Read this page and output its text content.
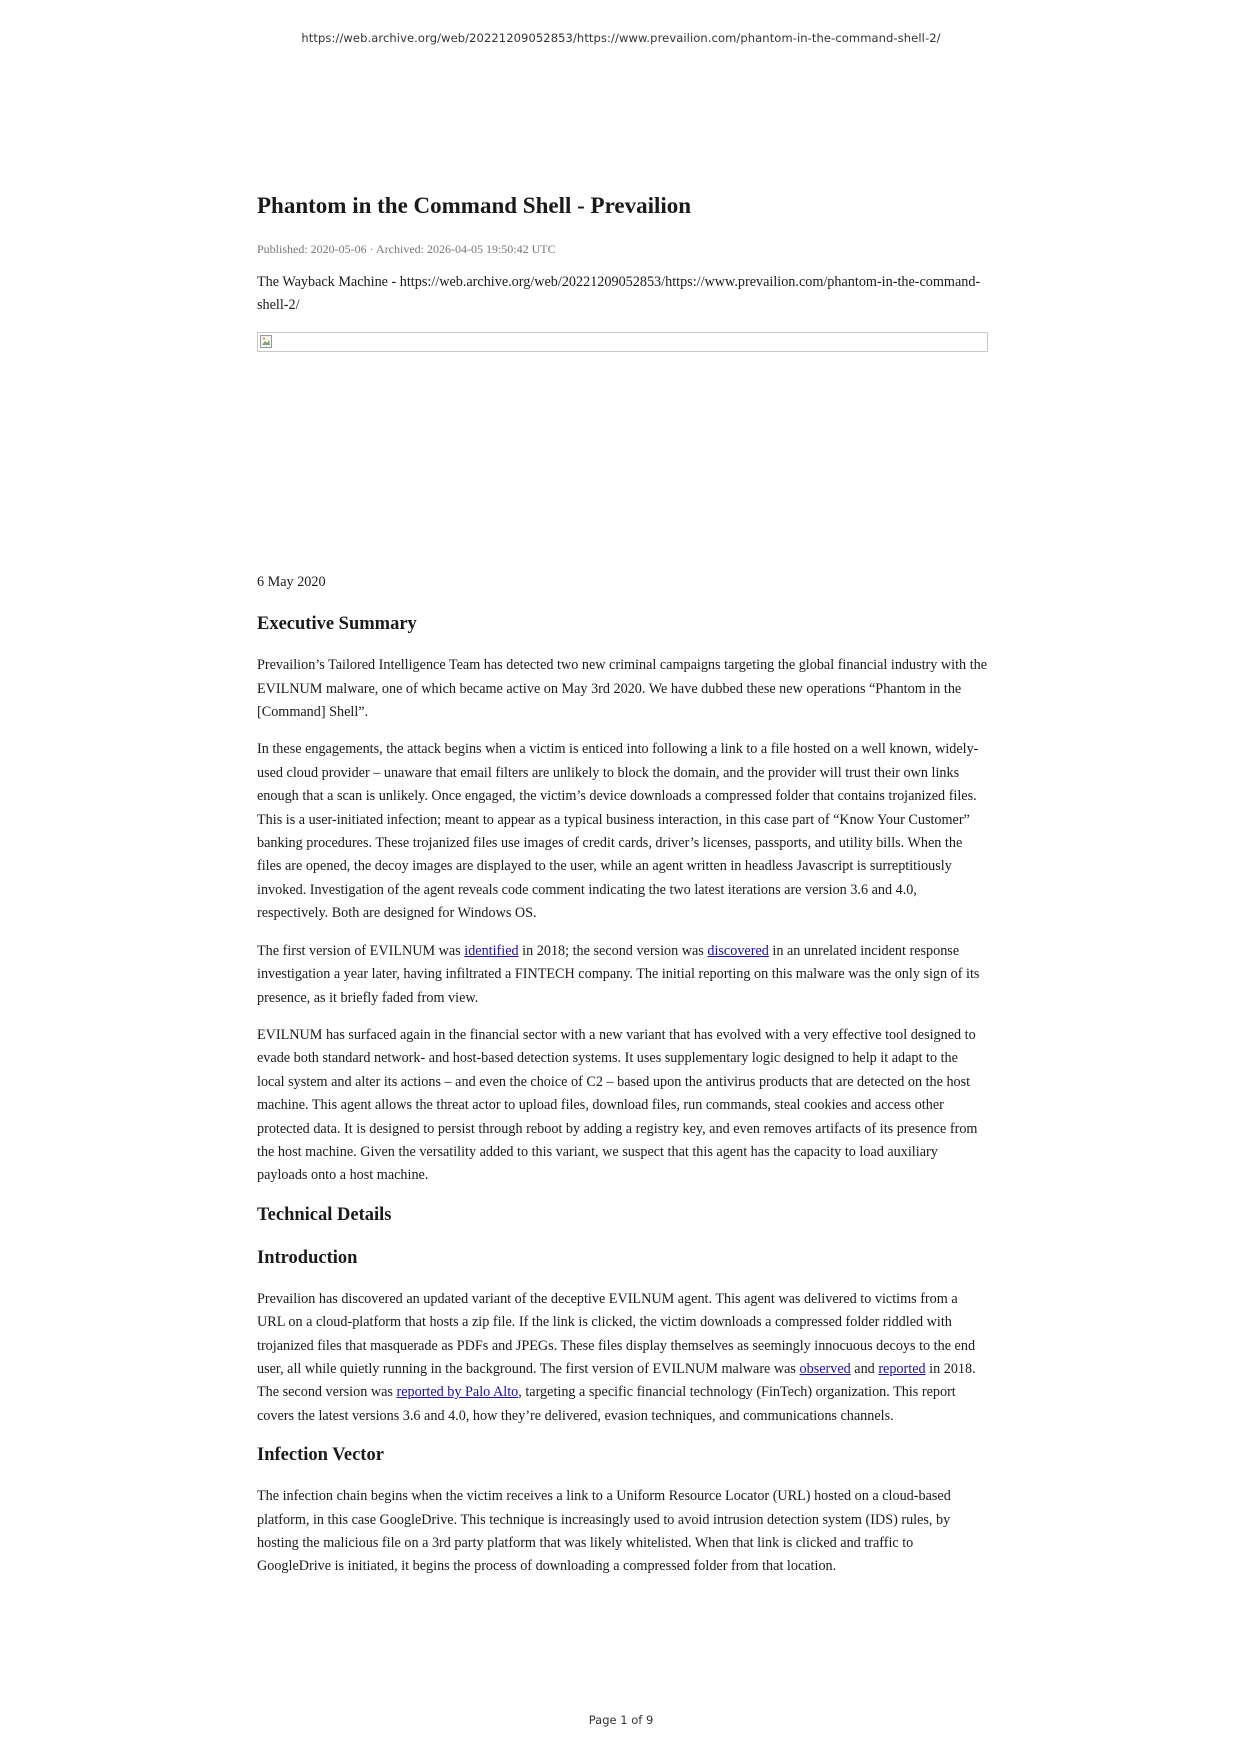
https://web.archive.org/web/20221209052853/https://www.prevailion.com/phantom-in-the-command-shell-2/
Phantom in the Command Shell - Prevailion
Published: 2020-05-06 · Archived: 2026-04-05 19:50:42 UTC

The Wayback Machine - https://web.archive.org/web/20221209052853/https://www.prevailion.com/phantom-in-the-command-shell-2/

6 May 2020

Executive Summary

Prevailion’s Tailored Intelligence Team has detected two new criminal campaigns targeting the global financial industry with the EVILNUM malware, one of which became active on May 3rd 2020. We have dubbed these new operations “Phantom in the [Command] Shell”.

In these engagements, the attack begins when a victim is enticed into following a link to a file hosted on a well known, widely-used cloud provider – unaware that email filters are unlikely to block the domain, and the provider will trust their own links enough that a scan is unlikely. Once engaged, the victim’s device downloads a compressed folder that contains trojanized files. This is a user-initiated infection; meant to appear as a typical business interaction, in this case part of “Know Your Customer” banking procedures. These trojanized files use images of credit cards, driver’s licenses, passports, and utility bills. When the files are opened, the decoy images are displayed to the user, while an agent written in headless Javascript is surreptitiously invoked. Investigation of the agent reveals code comment indicating the two latest iterations are version 3.6 and 4.0, respectively. Both are designed for Windows OS.

The first version of EVILNUM was identified in 2018; the second version was discovered in an unrelated incident response investigation a year later, having infiltrated a FINTECH company. The initial reporting on this malware was the only sign of its presence, as it briefly faded from view.

EVILNUM has surfaced again in the financial sector with a new variant that has evolved with a very effective tool designed to evade both standard network- and host-based detection systems. It uses supplementary logic designed to help it adapt to the local system and alter its actions – and even the choice of C2 – based upon the antivirus products that are detected on the host machine. This agent allows the threat actor to upload files, download files, run commands, steal cookies and access other protected data. It is designed to persist through reboot by adding a registry key, and even removes artifacts of its presence from the host machine. Given the versatility added to this variant, we suspect that this agent has the capacity to load auxiliary payloads onto a host machine.

Technical Details
Introduction

Prevailion has discovered an updated variant of the deceptive EVILNUM agent. This agent was delivered to victims from a URL on a cloud-platform that hosts a zip file. If the link is clicked, the victim downloads a compressed folder riddled with trojanized files that masquerade as PDFs and JPEGs. These files display themselves as seemingly innocuous decoys to the end user, all while quietly running in the background. The first version of EVILNUM malware was observed and reported in 2018. The second version was reported by Palo Alto, targeting a specific financial technology (FinTech) organization. This report covers the latest versions 3.6 and 4.0, how they’re delivered, evasion techniques, and communications channels.

Infection Vector

The infection chain begins when the victim receives a link to a Uniform Resource Locator (URL) hosted on a cloud-based platform, in this case GoogleDrive. This technique is increasingly used to avoid intrusion detection system (IDS) rules, by hosting the malicious file on a 3rd party platform that was likely whitelisted. When that link is clicked and traffic to GoogleDrive is initiated, it begins the process of downloading a compressed folder from that location.

Page 1 of 9
